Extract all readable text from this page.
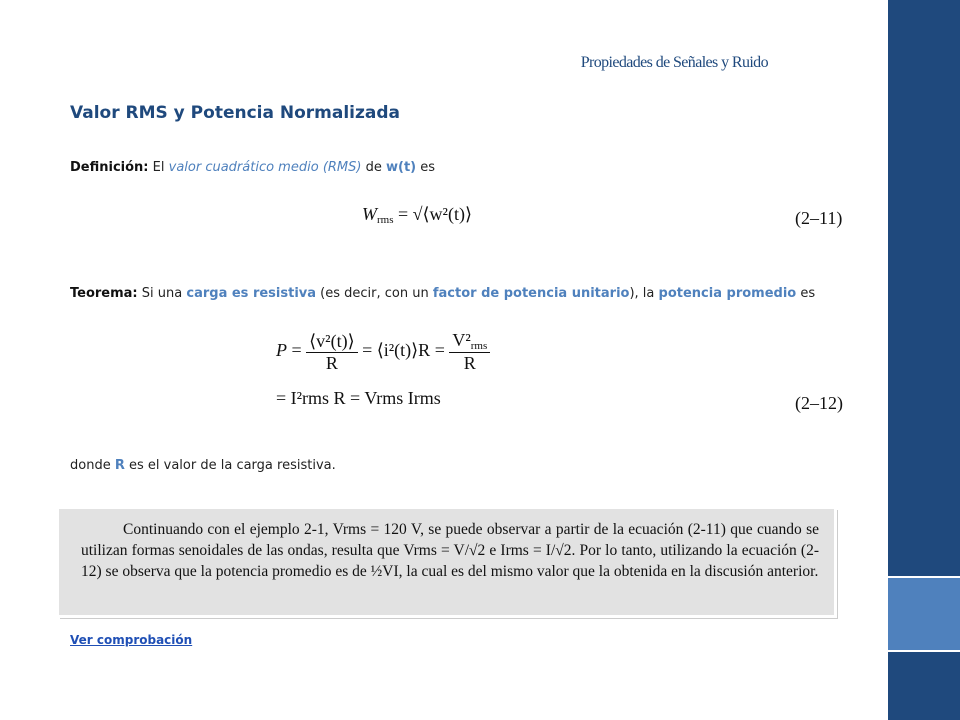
Propiedades de Señales y Ruido
Valor RMS y Potencia Normalizada
Definición: El valor cuadrático medio (RMS) de w(t) es
$W_{rms}$ = √⟨w²(t)⟩	(2–11)
Teorema: Si una carga es resistiva (es decir, con un factor de potencia unitario), la potencia promedio es
$P = \frac{\text{⟨v²(t)⟩}}{R}$ = ⟨i²(t)⟩R = $\frac{V^2_{rms}}{R}$
= I²rms R = Vrms Irms	(2–12)
donde R es el valor de la carga resistiva.
Continuando con el ejemplo 2-1, Vrms = 120 V, se puede observar a partir de la ecuación (2-11) que cuando se utilizan formas senoidales de las ondas, resulta que Vrms = V/√2 e Irms = I/√2. Por lo tanto, utilizando la ecuación (2-12) se observa que la potencia promedio es de ½VI, la cual es del mismo valor que la obtenida en la discusión anterior.
Ver comprobación
